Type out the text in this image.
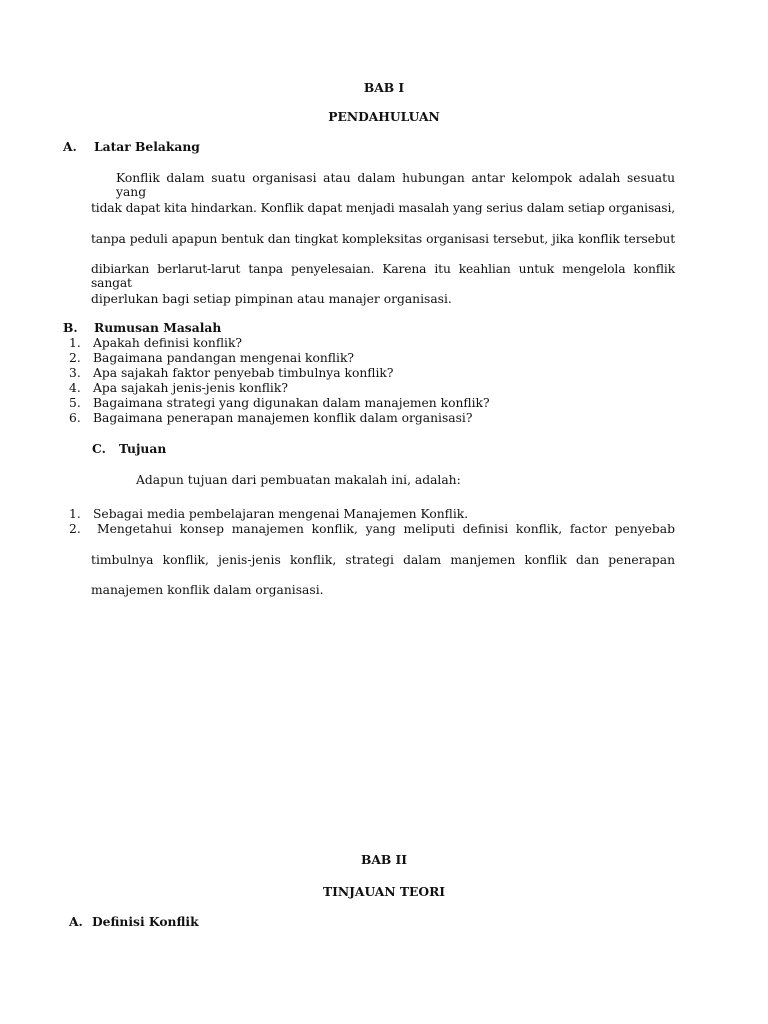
BAB I
PENDAHULUAN
A. Latar Belakang
Konflik dalam suatu organisasi atau dalam hubungan antar kelompok adalah sesuatu yang
tidak dapat kita hindarkan. Konflik dapat menjadi masalah yang serius dalam setiap organisasi,
tanpa peduli apapun bentuk dan tingkat kompleksitas organisasi tersebut, jika konflik tersebut
dibiarkan berlarut-larut tanpa penyelesaian. Karena itu keahlian untuk mengelola konflik sangat
diperlukan bagi setiap pimpinan atau manajer organisasi.
B. Rumusan Masalah
1. Apakah definisi konflik?
2. Bagaimana pandangan mengenai konflik?
3. Apa sajakah faktor penyebab timbulnya konflik?
4. Apa sajakah jenis-jenis konflik?
5. Bagaimana strategi yang digunakan dalam manajemen konflik?
6. Bagaimana penerapan manajemen konflik dalam organisasi?
C. Tujuan
Adapun tujuan dari pembuatan makalah ini, adalah:
1. Sebagai media pembelajaran mengenai Manajemen Konflik.
2. Mengetahui konsep manajemen konflik, yang meliputi definisi konflik, factor penyebab
timbulnya konflik, jenis-jenis konflik, strategi dalam manjemen konflik dan penerapan
manajemen konflik dalam organisasi.
BAB II
TINJAUAN TEORI
A. Definisi Konflik
